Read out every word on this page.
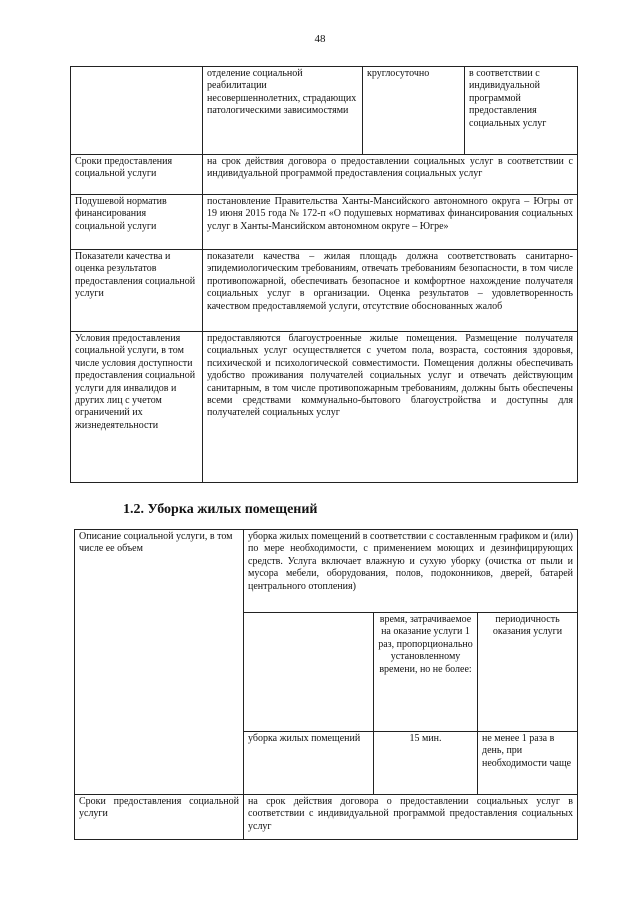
48
	отделение социальной реабилитации несовершеннолетних, страдающих патологическими зависимостями	круглосуточно	в соответствии с индивидуальной программой предоставления социальных услуг
Сроки предоставления социальной услуги	на срок действия договора о предоставлении социальных услуг в соответствии с индивидуальной программой предоставления социальных услуг		
Подушевой норматив финансирования социальной услуги	постановление Правительства Ханты-Мансийского автономного округа – Югры от 19 июня 2015 года № 172-п «О подушевых нормативах финансирования социальных услуг в Ханты-Мансийском автономном округе – Югре»		
Показатели качества и оценка результатов предоставления социальной услуги	показатели качества – жилая площадь должна соответствовать санитарно-эпидемиологическим требованиям, отвечать требованиям безопасности, в том числе противопожарной, обеспечивать безопасное и комфортное нахождение получателя социальных услуг в организации. Оценка результатов – удовлетворенность качеством предоставляемой услуги, отсутствие обоснованных жалоб		
Условия предоставления социальной услуги, в том числе условия доступности предоставления социальной услуги для инвалидов и других лиц с учетом ограничений их жизнедеятельности	предоставляются благоустроенные жилые помещения. Размещение получателя социальных услуг осуществляется с учетом пола, возраста, состояния здоровья, психической и психологической совместимости. Помещения должны обеспечивать удобство проживания получателей социальных услуг и отвечать действующим санитарным, в том числе противопожарным требованиям, должны быть обеспечены всеми средствами коммунально-бытового благоустройства и доступны для получателей социальных услуг		
1.2. Уборка жилых помещений
Описание социальной услуги, в том числе ее объем	уборка жилых помещений в соответствии с составленным графиком и (или) по мере необходимости, с применением моющих и дезинфицирующих средств. Услуга включает влажную и сухую уборку (очистка от пыли и мусора мебели, оборудования, полов, подоконников, дверей, батарей центрального отопления)		
		время, затрачиваемое на оказание услуги 1 раз, пропорционально установленному времени, но не более:	периодичность оказания услуги
	уборка жилых помещений	15 мин.	не менее 1 раза в день, при необходимости чаще
Сроки предоставления социальной услуги	на срок действия договора о предоставлении социальных услуг в соответствии с индивидуальной программой предоставления социальных услуг		
